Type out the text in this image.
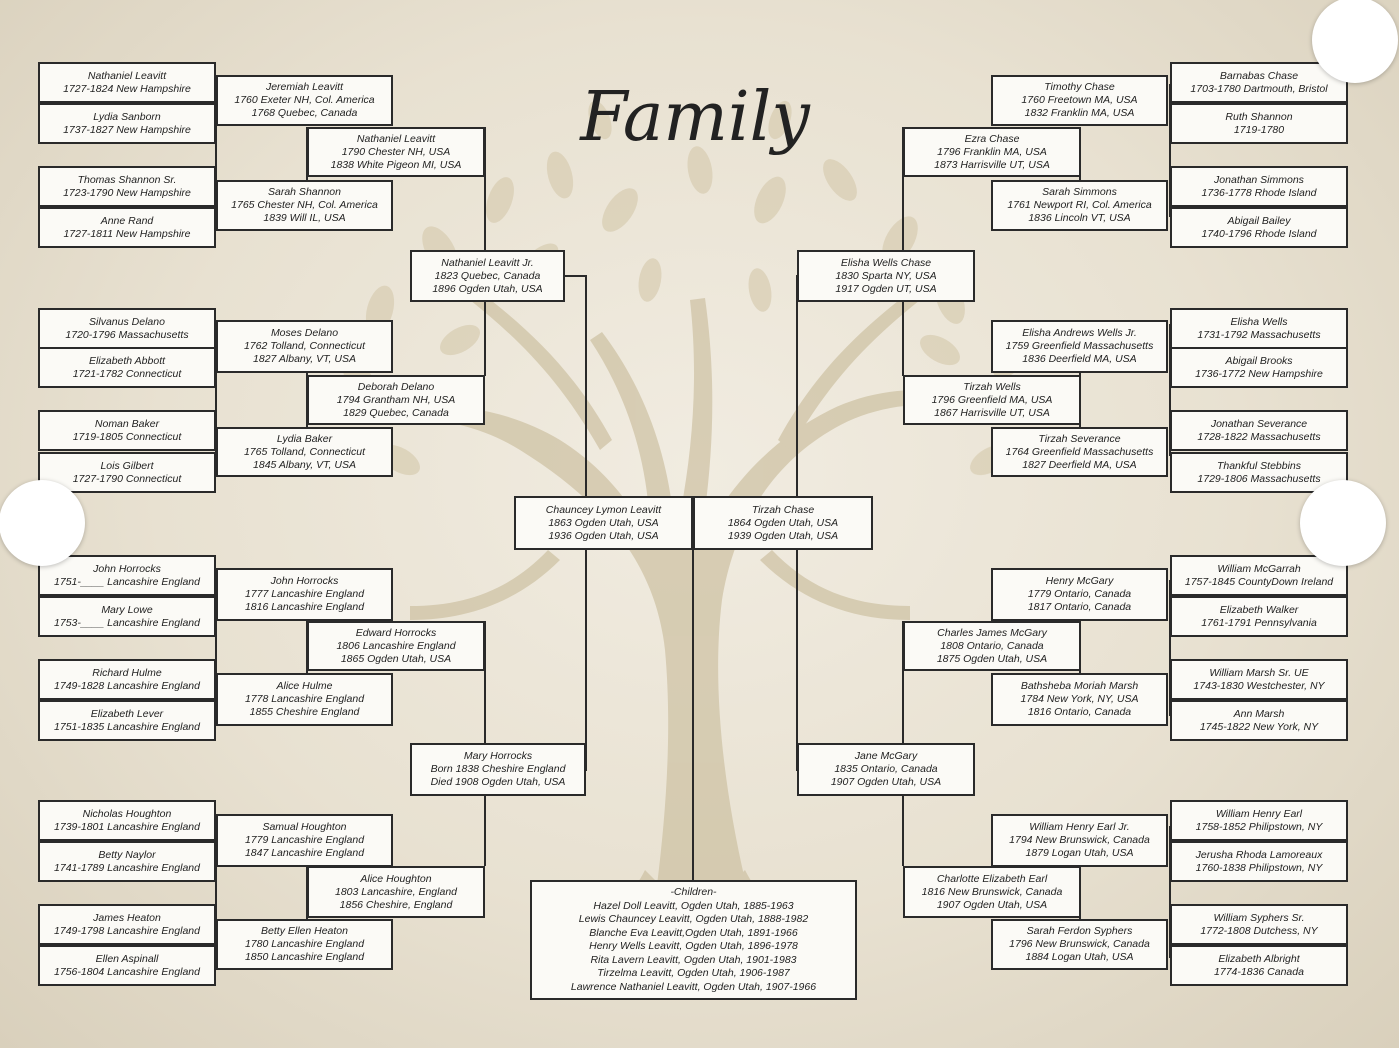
Family
Nathaniel Leavitt
1727-1824 New Hampshire
Lydia Sanborn
1737-1827 New Hampshire
Thomas Shannon Sr.
1723-1790 New Hampshire
Anne Rand
1727-1811 New Hampshire
Jeremiah Leavitt
1760 Exeter NH, Col. America
1768 Quebec, Canada
Sarah Shannon
1765 Chester NH, Col. America
1839 Will IL, USA
Nathaniel Leavitt
1790 Chester NH, USA
1838 White Pigeon MI, USA
Silvanus Delano
1720-1796 Massachusetts
Elizabeth Abbott
1721-1782 Connecticut
Noman Baker
1719-1805 Connecticut
Lois Gilbert
1727-1790 Connecticut
Moses Delano
1762 Tolland, Connecticut
1827 Albany, VT, USA
Lydia Baker
1765 Tolland, Connecticut
1845 Albany, VT, USA
Deborah Delano
1794 Grantham NH, USA
1829 Quebec, Canada
Nathaniel Leavitt Jr.
1823 Quebec, Canada
1896 Ogden Utah, USA
Barnabas Chase
1703-1780 Dartmouth, Bristol
Ruth Shannon
1719-1780
Jonathan Simmons
1736-1778 Rhode Island
Abigail Bailey
1740-1796 Rhode Island
Timothy Chase
1760 Freetown MA, USA
1832 Franklin MA, USA
Sarah Simmons
1761 Newport RI, Col. America
1836 Lincoln VT, USA
Ezra Chase
1796 Franklin MA, USA
1873 Harrisville UT, USA
Elisha Wells
1731-1792 Massachusetts
Abigail Brooks
1736-1772 New Hampshire
Jonathan Severance
1728-1822 Massachusetts
Thankful Stebbins
1729-1806 Massachusetts
Elisha Andrews Wells Jr.
1759 Greenfield Massachusetts
1836 Deerfield MA, USA
Tirzah Severance
1764 Greenfield Massachusetts
1827 Deerfield MA, USA
Tirzah Wells
1796 Greenfield MA, USA
1867 Harrisville UT, USA
Elisha Wells Chase
1830 Sparta NY, USA
1917 Ogden UT, USA
Chauncey Lymon Leavitt
1863 Ogden Utah, USA
1936 Ogden Utah, USA
Tirzah Chase
1864 Ogden Utah, USA
1939 Ogden Utah, USA
John Horrocks
1751-____ Lancashire England
Mary Lowe
1753-____ Lancashire England
Richard Hulme
1749-1828 Lancashire England
Elizabeth Lever
1751-1835 Lancashire England
John Horrocks
1777 Lancashire England
1816 Lancashire England
Alice Hulme
1778 Lancashire England
1855 Cheshire England
Edward Horrocks
1806 Lancashire England
1865 Ogden Utah, USA
Nicholas Houghton
1739-1801 Lancashire England
Betty Naylor
1741-1789 Lancashire England
James Heaton
1749-1798 Lancashire England
Ellen Aspinall
1756-1804 Lancashire England
Samual Houghton
1779 Lancashire England
1847 Lancashire England
Betty Ellen Heaton
1780 Lancashire England
1850 Lancashire England
Alice Houghton
1803 Lancashire, England
1856 Cheshire, England
Mary Horrocks
Born 1838 Cheshire England
Died 1908 Ogden Utah, USA
William McGarrah
1757-1845 CountyDown Ireland
Elizabeth Walker
1761-1791 Pennsylvania
William Marsh Sr. UE
1743-1830 Westchester, NY
Ann Marsh
1745-1822 New York, NY
Henry McGary
1779 Ontario, Canada
1817 Ontario, Canada
Bathsheba Moriah Marsh
1784 New York, NY, USA
1816 Ontario, Canada
Charles James McGary
1808 Ontario, Canada
1875 Ogden Utah, USA
William Henry Earl
1758-1852 Philipstown, NY
Jerusha Rhoda Lamoreaux
1760-1838 Philipstown, NY
William Syphers Sr.
1772-1808 Dutchess, NY
Elizabeth Albright
1774-1836 Canada
William Henry Earl Jr.
1794 New Brunswick, Canada
1879 Logan Utah, USA
Sarah Ferdon Syphers
1796 New Brunswick, Canada
1884 Logan Utah, USA
Charlotte Elizabeth Earl
1816 New Brunswick, Canada
1907 Ogden Utah, USA
Jane McGary
1835 Ontario, Canada
1907 Ogden Utah, USA
-Children-
Hazel Doll Leavitt, Ogden Utah, 1885-1963
Lewis Chauncey Leavitt, Ogden Utah, 1888-1982
Blanche Eva Leavitt,Ogden Utah, 1891-1966
Henry Wells Leavitt, Ogden Utah, 1896-1978
Rita Lavern Leavitt, Ogden Utah, 1901-1983
Tirzelma Leavitt, Ogden Utah, 1906-1987
Lawrence Nathaniel Leavitt, Ogden Utah, 1907-1966
